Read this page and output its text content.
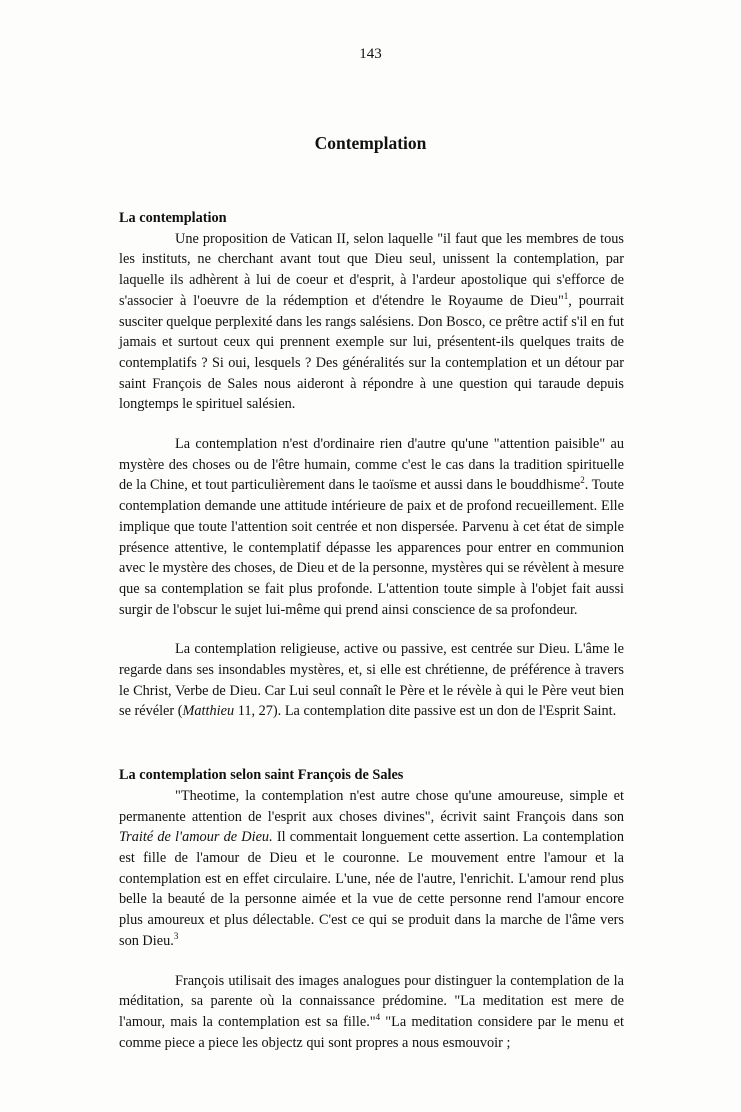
143
Contemplation

La contemplation

Une proposition de Vatican II, selon laquelle "il faut que les membres de tous les instituts, ne cherchant avant tout que Dieu seul, unissent la contemplation, par laquelle ils adhèrent à lui de coeur et d'esprit, à l'ardeur apostolique qui s'efforce de s'associer à l'oeuvre de la rédemption et d'étendre le Royaume de Dieu"$^1$, pourrait susciter quelque perplexité dans les rangs salésiens. Don Bosco, ce prêtre actif s'il en fut jamais et surtout ceux qui prennent exemple sur lui, présentent-ils quelques traits de contemplatifs ? Si oui, lesquels ? Des généralités sur la contemplation et un détour par saint François de Sales nous aideront à répondre à une question qui taraude depuis longtemps le spirituel salésien.

La contemplation n'est d'ordinaire rien d'autre qu'une "attention paisible" au mystère des choses ou de l'être humain, comme c'est le cas dans la tradition spirituelle de la Chine, et tout particulièrement dans le taoïsme et aussi dans le bouddhisme$^2$. Toute contemplation demande une attitude intérieure de paix et de profond recueillement. Elle implique que toute l'attention soit centrée et non dispersée. Parvenu à cet état de simple présence attentive, le contemplatif dépasse les apparences pour entrer en communion avec le mystère des choses, de Dieu et de la personne, mystères qui se révèlent à mesure que sa contemplation se fait plus profonde. L'attention toute simple à l'objet fait aussi surgir de l'obscur le sujet lui-même qui prend ainsi conscience de sa profondeur.

La contemplation religieuse, active ou passive, est centrée sur Dieu. L'âme le regarde dans ses insondables mystères, et, si elle est chrétienne, de préférence à travers le Christ, Verbe de Dieu. Car Lui seul connaît le Père et le révèle à qui le Père veut bien se révéler (Matthieu 11, 27). La contemplation dite passive est un don de l'Esprit Saint.

La contemplation selon saint François de Sales

"Theotime, la contemplation n'est autre chose qu'une amoureuse, simple et permanente attention de l'esprit aux choses divines", écrivit saint François dans son Traité de l'amour de Dieu. Il commentait longuement cette assertion. La contemplation est fille de l'amour de Dieu et le couronne. Le mouvement entre l'amour et la contemplation est en effet circulaire. L'une, née de l'autre, l'enrichit. L'amour rend plus belle la beauté de la personne aimée et la vue de cette personne rend l'amour encore plus amoureux et plus délectable. C'est ce qui se produit dans la marche de l'âme vers son Dieu.$^3$

François utilisait des images analogues pour distinguer la contemplation de la méditation, sa parente où la connaissance prédomine. "La meditation est mere de l'amour, mais la contemplation est sa fille."$^4$ "La meditation considere par le menu et comme piece a piece les objectz qui sont propres a nous esmouvoir ;
